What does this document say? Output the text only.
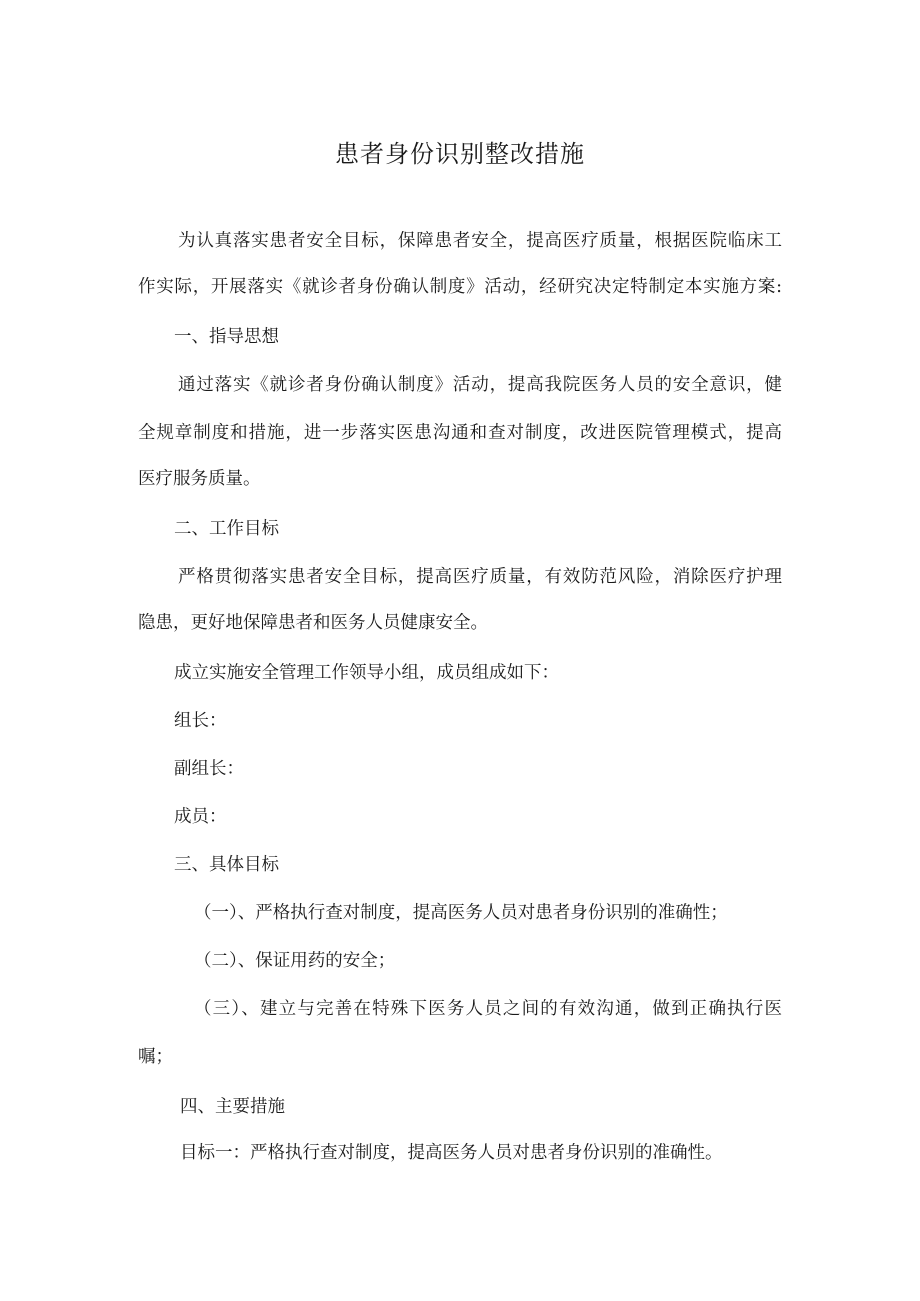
患者身份识别整改措施
为认真落实患者安全目标，保障患者安全，提高医疗质量，根据医院临床工
作实际，开展落实《就诊者身份确认制度》活动，经研究决定特制定本实施方案:
一、指导思想
通过落实《就诊者身份确认制度》活动，提高我院医务人员的安全意识，健
全规章制度和措施，进一步落实医患沟通和查对制度，改进医院管理模式，提高
医疗服务质量。
二、工作目标
严格贯彻落实患者安全目标，提高医疗质量，有效防范风险，消除医疗护理
隐患，更好地保障患者和医务人员健康安全。
成立实施安全管理工作领导小组，成员组成如下：
组长：
副组长：
成员：
三、具体目标
（一）、严格执行查对制度，提高医务人员对患者身份识别的准确性；
（二）、保证用药的安全；
（三）、建立与完善在特殊下医务人员之间的有效沟通，做到正确执行医
嘱；
四、主要措施
目标一：严格执行查对制度，提高医务人员对患者身份识别的准确性。
